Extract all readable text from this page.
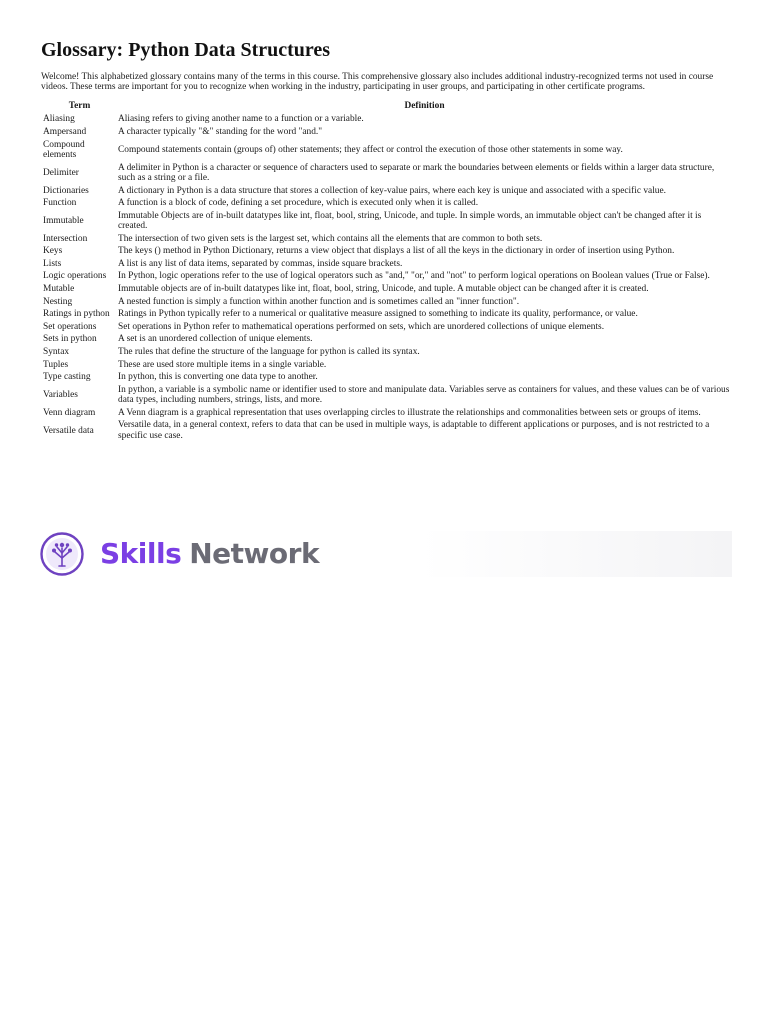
Glossary: Python Data Structures

Welcome! This alphabetized glossary contains many of the terms in this course. This comprehensive glossary also includes additional industry-recognized terms not used in course videos. These terms are important for you to recognize when working in the industry, participating in user groups, and participating in other certificate programs.

Term	Definition
Aliasing	Aliasing refers to giving another name to a function or a variable.
Ampersand	A character typically "&" standing for the word "and."
Compound elements	Compound statements contain (groups of) other statements; they affect or control the execution of those other statements in some way.
Delimiter	A delimiter in Python is a character or sequence of characters used to separate or mark the boundaries between elements or fields within a larger data structure, such as a string or a file.
Dictionaries	A dictionary in Python is a data structure that stores a collection of key-value pairs, where each key is unique and associated with a specific value.
Function	A function is a block of code, defining a set procedure, which is executed only when it is called.
Immutable	Immutable Objects are of in-built datatypes like int, float, bool, string, Unicode, and tuple. In simple words, an immutable object can't be changed after it is created.
Intersection	The intersection of two given sets is the largest set, which contains all the elements that are common to both sets.
Keys	The keys () method in Python Dictionary, returns a view object that displays a list of all the keys in the dictionary in order of insertion using Python.
Lists	A list is any list of data items, separated by commas, inside square brackets.
Logic operations	In Python, logic operations refer to the use of logical operators such as "and," "or," and "not" to perform logical operations on Boolean values (True or False).
Mutable	Immutable objects are of in-built datatypes like int, float, bool, string, Unicode, and tuple. A mutable object can be changed after it is created.
Nesting	A nested function is simply a function within another function and is sometimes called an "inner function".
Ratings in python	Ratings in Python typically refer to a numerical or qualitative measure assigned to something to indicate its quality, performance, or value.
Set operations	Set operations in Python refer to mathematical operations performed on sets, which are unordered collections of unique elements.
Sets in python	A set is an unordered collection of unique elements.
Syntax	The rules that define the structure of the language for python is called its syntax.
Tuples	These are used store multiple items in a single variable.
Type casting	In python, this is converting one data type to another.
Variables	In python, a variable is a symbolic name or identifier used to store and manipulate data. Variables serve as containers for values, and these values can be of various data types, including numbers, strings, lists, and more.
Venn diagram	A Venn diagram is a graphical representation that uses overlapping circles to illustrate the relationships and commonalities between sets or groups of items.
Versatile data	Versatile data, in a general context, refers to data that can be used in multiple ways, is adaptable to different applications or purposes, and is not restricted to a specific use case.
Skills Network
